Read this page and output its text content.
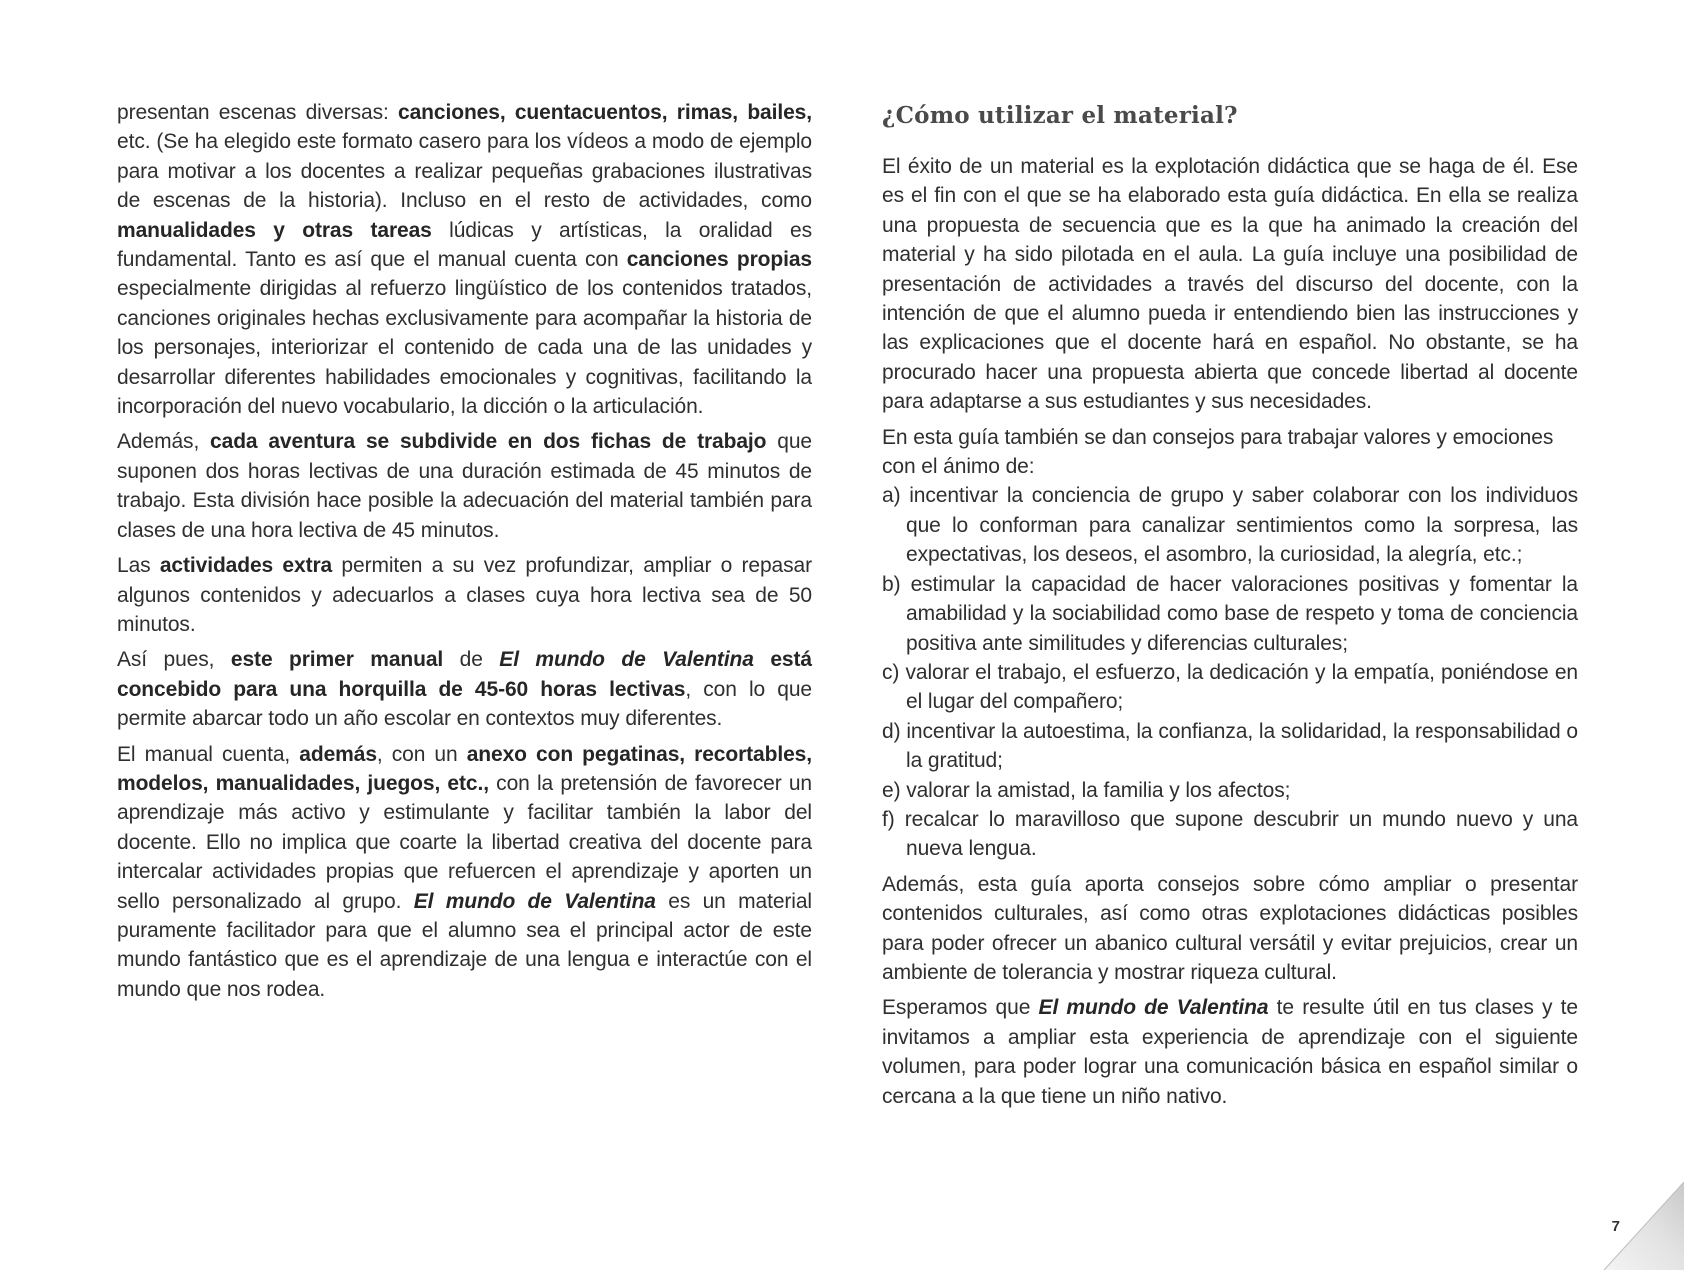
presentan escenas diversas: canciones, cuentacuentos, rimas, bailes, etc. (Se ha elegido este formato casero para los vídeos a modo de ejemplo para motivar a los docentes a realizar pequeñas grabaciones ilustrativas de escenas de la historia). Incluso en el resto de actividades, como manualidades y otras tareas lúdicas y artísticas, la oralidad es fundamental. Tanto es así que el manual cuenta con canciones propias especialmente dirigidas al refuerzo lingüístico de los contenidos tratados, canciones originales hechas exclusivamente para acompañar la historia de los personajes, interiorizar el contenido de cada una de las unidades y desarrollar diferentes habilidades emocionales y cognitivas, facilitando la incorporación del nuevo vocabulario, la dicción o la articulación.

Además, cada aventura se subdivide en dos fichas de trabajo que suponen dos horas lectivas de una duración estimada de 45 minutos de trabajo. Esta división hace posible la adecuación del material también para clases de una hora lectiva de 45 minutos.

Las actividades extra permiten a su vez profundizar, ampliar o repasar algunos contenidos y adecuarlos a clases cuya hora lectiva sea de 50 minutos.

Así pues, este primer manual de El mundo de Valentina está concebido para una horquilla de 45-60 horas lectivas, con lo que permite abarcar todo un año escolar en contextos muy diferentes.

El manual cuenta, además, con un anexo con pegatinas, recortables, modelos, manualidades, juegos, etc., con la pretensión de favorecer un aprendizaje más activo y estimulante y facilitar también la labor del docente. Ello no implica que coarte la libertad creativa del docente para intercalar actividades propias que refuercen el aprendizaje y aporten un sello personalizado al grupo. El mundo de Valentina es un material puramente facilitador para que el alumno sea el principal actor de este mundo fantástico que es el aprendizaje de una lengua e interactúe con el mundo que nos rodea.

¿Cómo utilizar el material?

El éxito de un material es la explotación didáctica que se haga de él. Ese es el fin con el que se ha elaborado esta guía didáctica. En ella se realiza una propuesta de secuencia que es la que ha animado la creación del material y ha sido pilotada en el aula. La guía incluye una posibilidad de presentación de actividades a través del discurso del docente, con la intención de que el alumno pueda ir entendiendo bien las instrucciones y las explicaciones que el docente hará en español. No obstante, se ha procurado hacer una propuesta abierta que concede libertad al docente para adaptarse a sus estudiantes y sus necesidades.

En esta guía también se dan consejos para trabajar valores y emociones con el ánimo de:

a) incentivar la conciencia de grupo y saber colaborar con los individuos que lo conforman para canalizar sentimientos como la sorpresa, las expectativas, los deseos, el asombro, la curiosidad, la alegría, etc.;
b) estimular la capacidad de hacer valoraciones positivas y fomentar la amabilidad y la sociabilidad como base de respeto y toma de conciencia positiva ante similitudes y diferencias culturales;
c) valorar el trabajo, el esfuerzo, la dedicación y la empatía, poniéndose en el lugar del compañero;
d) incentivar la autoestima, la confianza, la solidaridad, la responsabilidad o la gratitud;
e) valorar la amistad, la familia y los afectos;
f) recalcar lo maravilloso que supone descubrir un mundo nuevo y una nueva lengua.

Además, esta guía aporta consejos sobre cómo ampliar o presentar contenidos culturales, así como otras explotaciones didácticas posibles para poder ofrecer un abanico cultural versátil y evitar prejuicios, crear un ambiente de tolerancia y mostrar riqueza cultural.

Esperamos que El mundo de Valentina te resulte útil en tus clases y te invitamos a ampliar esta experiencia de aprendizaje con el siguiente volumen, para poder lograr una comunicación básica en español similar o cercana a la que tiene un niño nativo.

7
